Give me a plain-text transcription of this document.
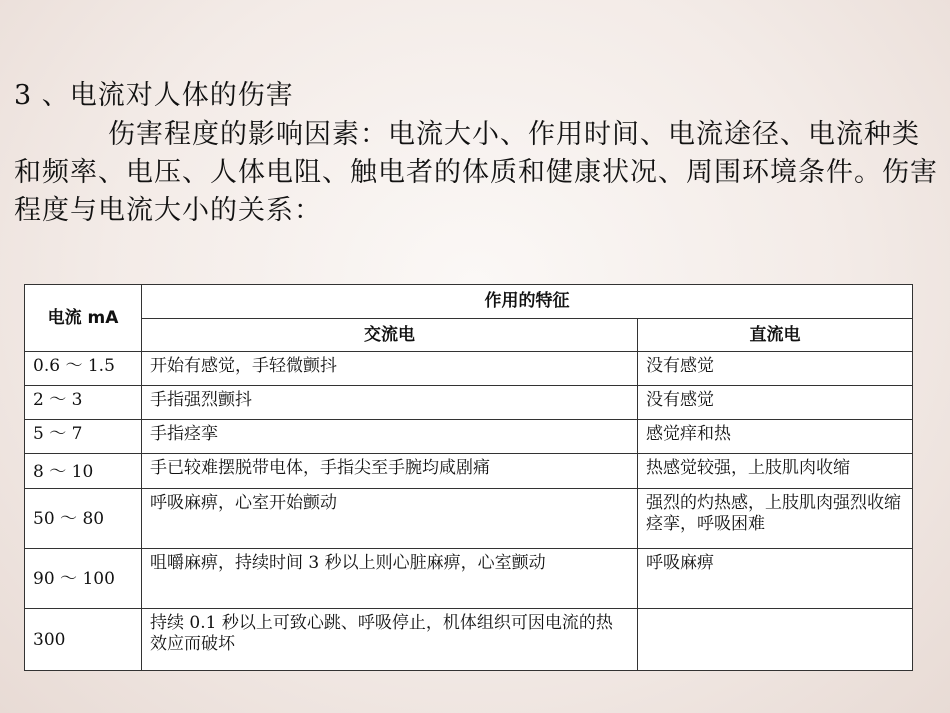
3 、电流对人体的伤害
伤害程度的影响因素：电流大小、作用时间、电流途径、电流种类和频率、电压、人体电阻、触电者的体质和健康状况、周围环境条件。伤害程度与电流大小的关系：
电流 mA	作用的特征	
	交流电	直流电
0.6 ～ 1.5	开始有感觉，手轻微颤抖	没有感觉
2 ～ 3	手指强烈颤抖	没有感觉
5 ～ 7	手指痉挛	感觉痒和热
8 ～ 10	手已较难摆脱带电体，手指尖至手腕均咸剧痛	热感觉较强，上肢肌肉收缩
50 ～ 80	呼吸麻痹，心室开始颤动	强烈的灼热感，上肢肌肉强烈收缩痉挛，呼吸困难
90 ～ 100	咀嚼麻痹，持续时间 3 秒以上则心脏麻痹，心室颤动	呼吸麻痹
300	持续 0.1 秒以上可致心跳、呼吸停止，机体组织可因电流的热效应而破坏	
